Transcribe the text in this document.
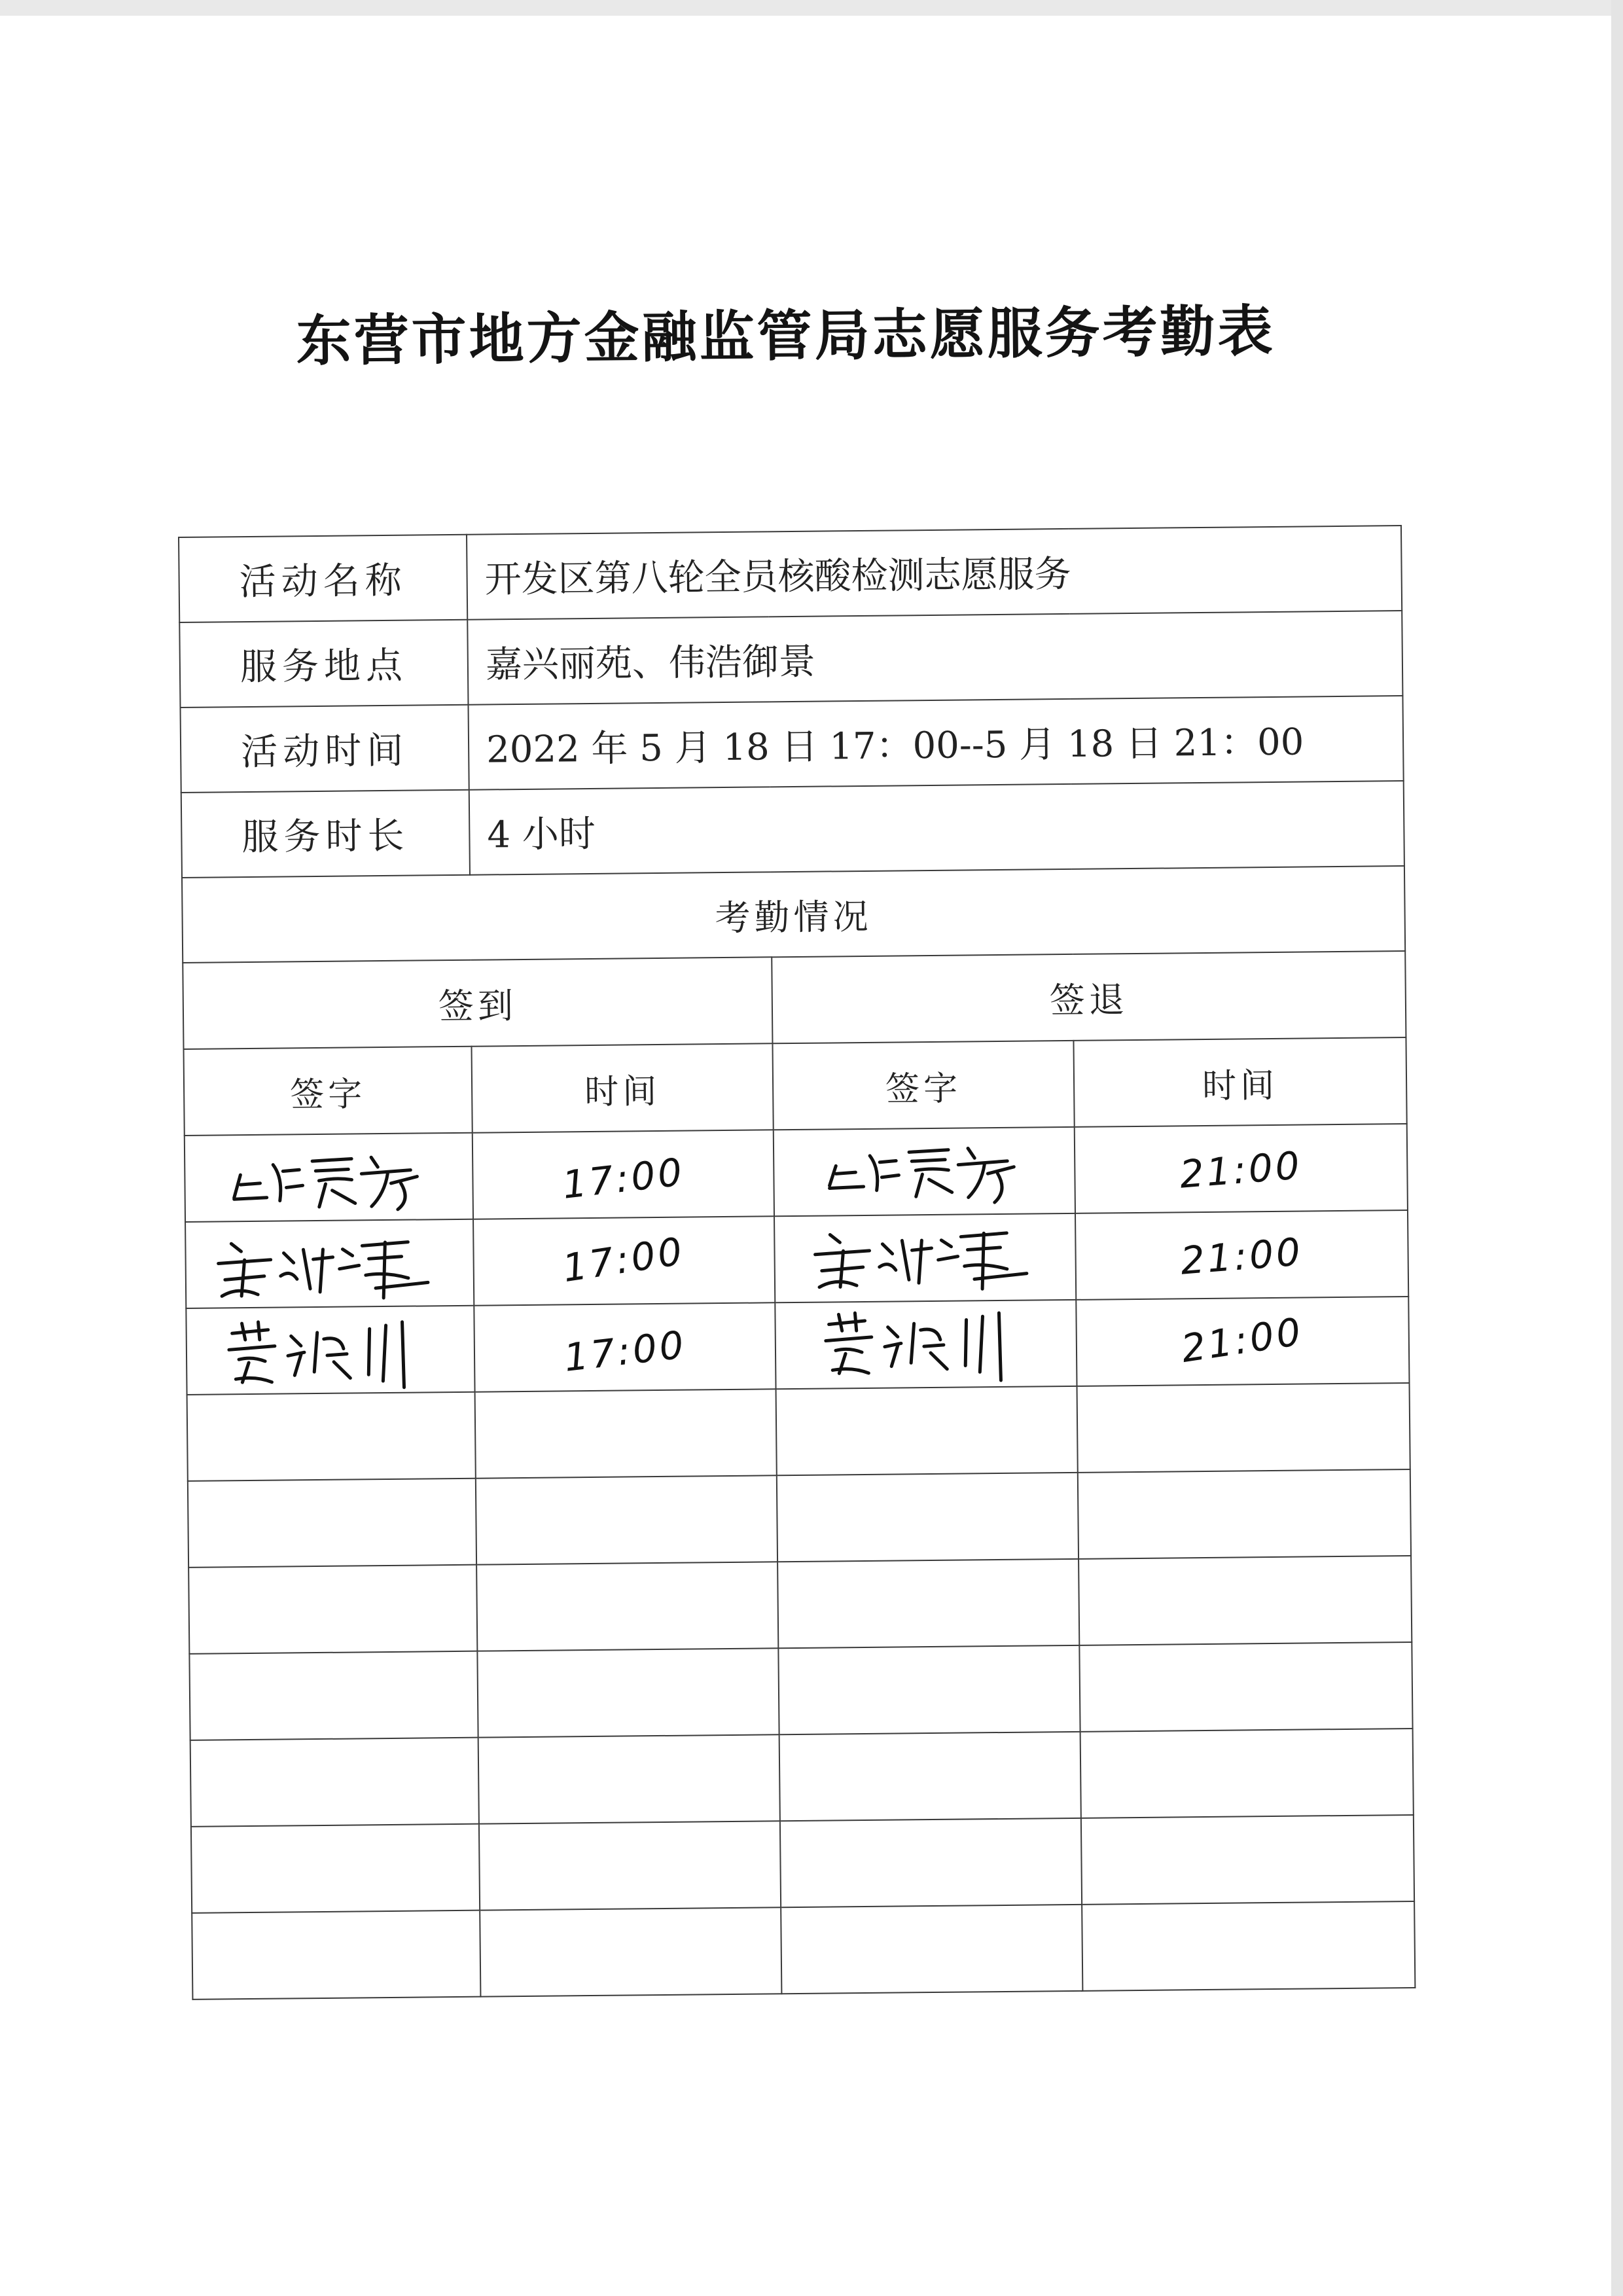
东营市地方金融监管局志愿服务考勤表
活动名称	开发区第八轮全员核酸检测志愿服务		
服务地点	嘉兴丽苑、伟浩御景		
活动时间	2022 年 5 月 18 日 17：00--5 月 18 日 21：00		
服务时长	4 小时		
考勤情况			
签到		签退	
签字	时间	签字	时间

	17:00		21:00

	17:00		21:00

	17:00		21:00
